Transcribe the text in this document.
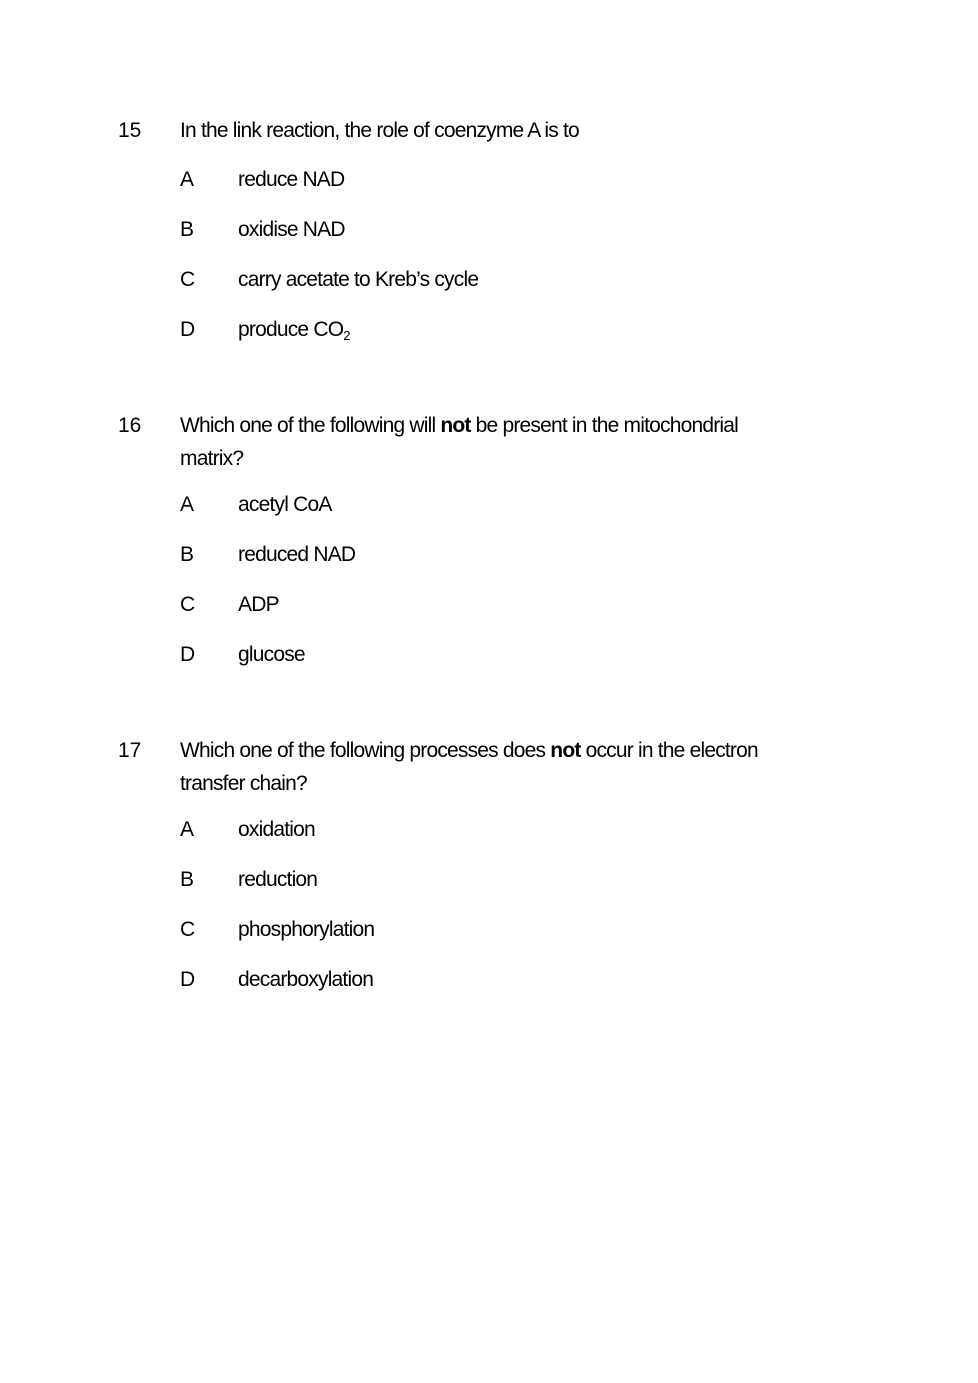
15 In the link reaction, the role of coenzyme A is to
A reduce NAD
B oxidise NAD
C carry acetate to Kreb’s cycle
D produce CO2
16 Which one of the following will not be present in the mitochondrial
matrix?
A acetyl CoA
B reduced NAD
C ADP
D glucose
17 Which one of the following processes does not occur in the electron
transfer chain?
A oxidation
B reduction
C phosphorylation
D decarboxylation
